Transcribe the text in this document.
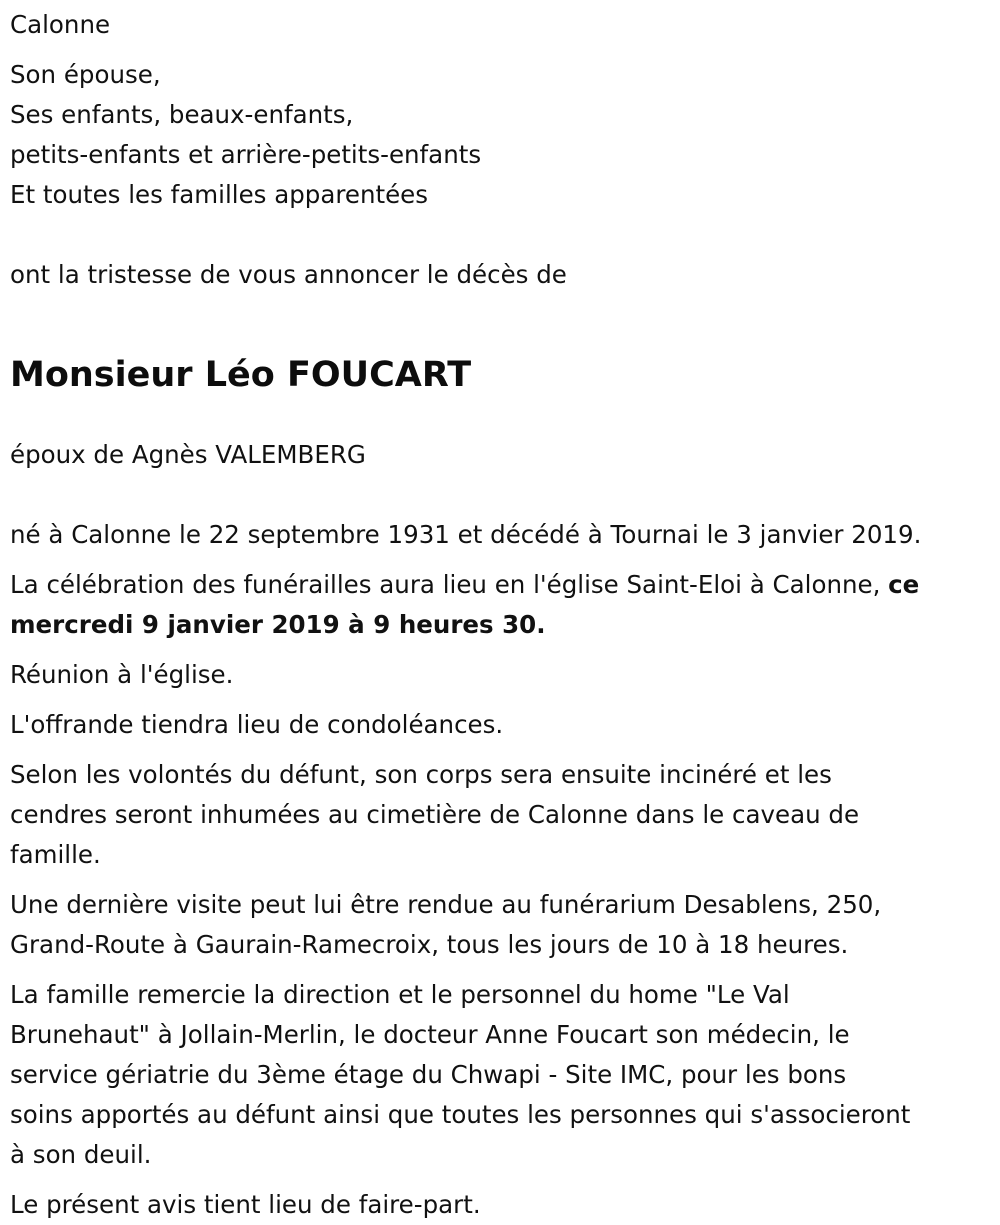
Calonne

Son épouse,
Ses enfants, beaux-enfants,
petits-enfants et arrière-petits-enfants
Et toutes les familles apparentées

ont la tristesse de vous annoncer le décès de

Monsieur Léo FOUCART

époux de Agnès VALEMBERG

né à Calonne le 22 septembre 1931 et décédé à Tournai le 3 janvier 2019.

La célébration des funérailles aura lieu en l'église Saint-Eloi à Calonne, ce
mercredi 9 janvier 2019 à 9 heures 30.

Réunion à l'église.

L'offrande tiendra lieu de condoléances.

Selon les volontés du défunt, son corps sera ensuite incinéré et les
cendres seront inhumées au cimetière de Calonne dans le caveau de
famille.

Une dernière visite peut lui être rendue au funérarium Desablens, 250,
Grand-Route à Gaurain-Ramecroix, tous les jours de 10 à 18 heures.

La famille remercie la direction et le personnel du home "Le Val
Brunehaut" à Jollain-Merlin, le docteur Anne Foucart son médecin, le
service gériatrie du 3ème étage du Chwapi - Site IMC, pour les bons
soins apportés au défunt ainsi que toutes les personnes qui s'associeront
à son deuil.

Le présent avis tient lieu de faire-part.
